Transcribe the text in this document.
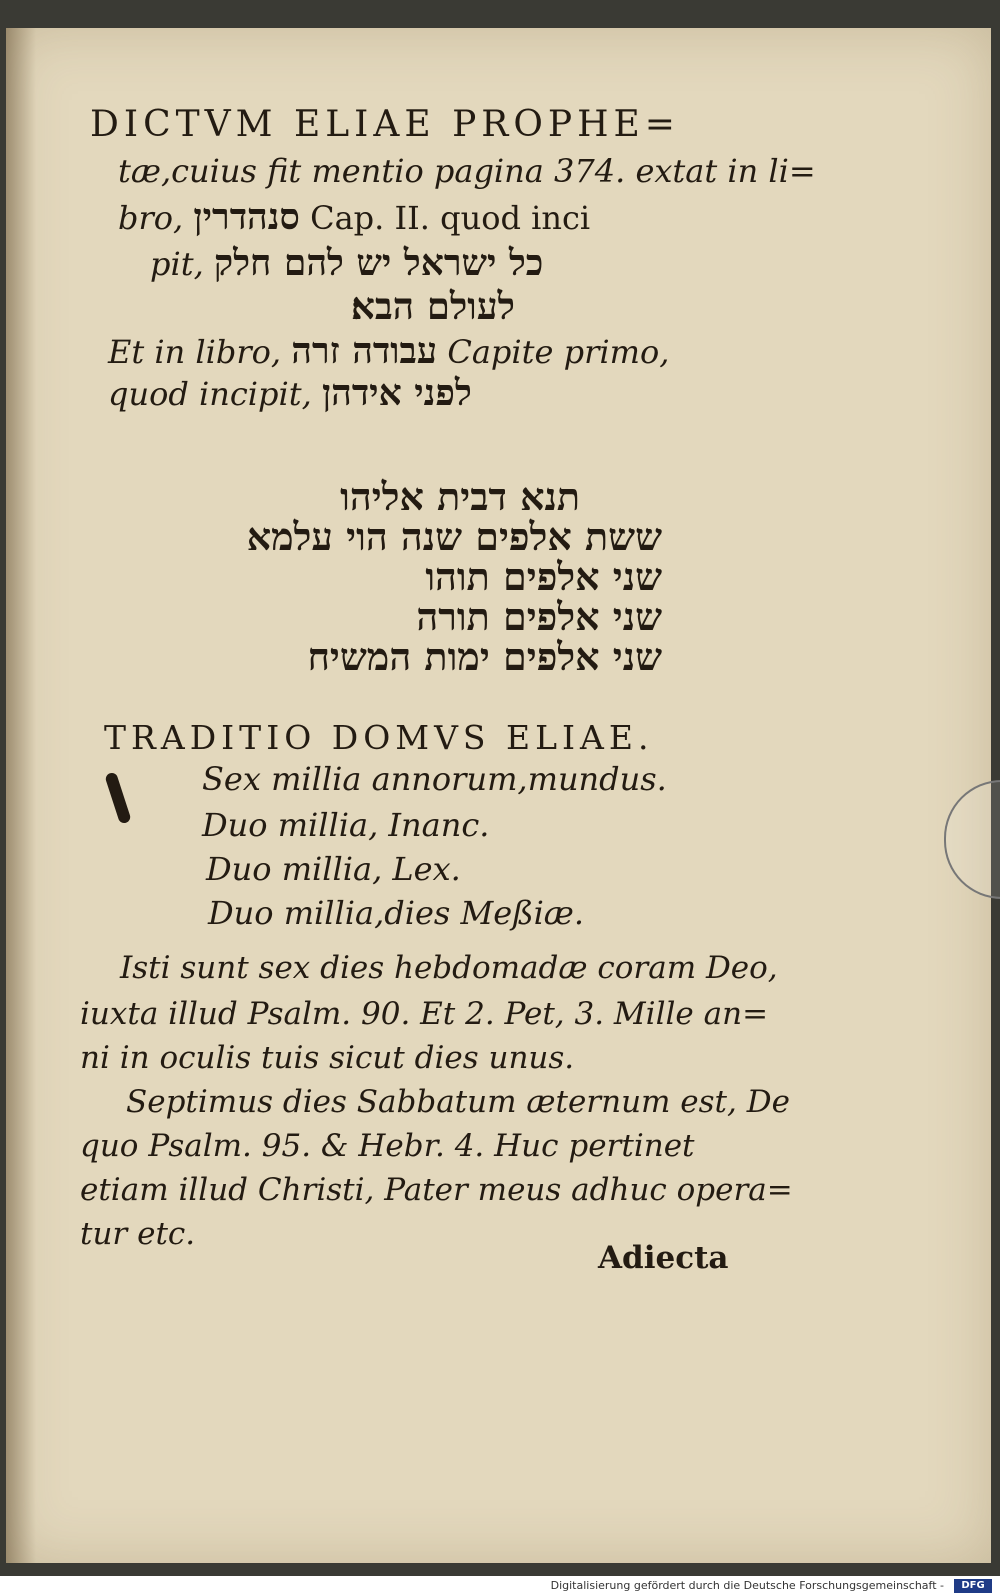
DICTVM ELIAE PROPHE=
tæ,cuius fit mentio pagina 374. extat in li=
bro, סנהדרין Cap. II. quod inci
pit, כל ישראל יש להם חלק
לעולם הבא׃
Et in libro, עבודה זרה Capite primo,
quod incipit, לפני אידהן
תנא דבית אליהו
ששת אלפים שנה הוי עלמא
שני אלפים תוהו
שני אלפים תורה
שני אלפים ימות המשיח
TRADITIO DOMVS ELIAE.
Sex millia annorum,mundus.
Duo millia, Inanc.
Duo millia, Lex.
Duo millia,dies Meßiæ.
Isti sunt sex dies hebdomadæ coram Deo,
iuxta illud Psalm. 90. Et 2. Pet, 3. Mille an=
ni in oculis tuis sicut dies unus.
Septimus dies Sabbatum æternum est, De
quo Psalm. 95. & Hebr. 4. Huc pertinet
etiam illud Christi, Pater meus adhuc opera=
tur etc.
Adiecta
Digitalisierung gefördert durch die Deutsche Forschungsgemeinschaft -	DFG
